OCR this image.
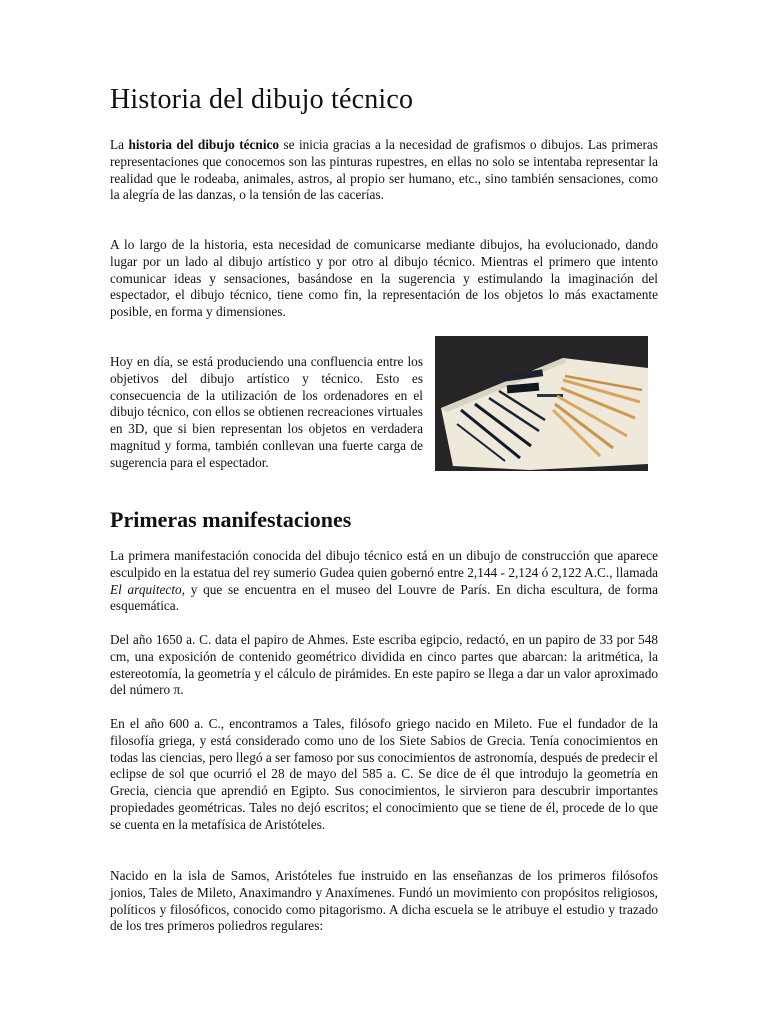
Historia del dibujo técnico

La historia del dibujo técnico se inicia gracias a la necesidad de grafismos o dibujos. Las primeras representaciones que conocemos son las pinturas rupestres, en ellas no solo se intentaba representar la realidad que le rodeaba, animales, astros, al propio ser humano, etc., sino también sensaciones, como la alegría de las danzas, o la tensión de las cacerías.

A lo largo de la historia, esta necesidad de comunicarse mediante dibujos, ha evolucionado, dando lugar por un lado al dibujo artístico y por otro al dibujo técnico. Mientras el primero que intento comunicar ideas y sensaciones, basándose en la sugerencia y estimulando la imaginación del espectador, el dibujo técnico, tiene como fin, la representación de los objetos lo más exactamente posible, en forma y dimensiones.

Hoy en día, se está produciendo una confluencia entre los objetivos del dibujo artístico y técnico. Esto es consecuencia de la utilización de los ordenadores en el dibujo técnico, con ellos se obtienen recreaciones virtuales en 3D, que si bien representan los objetos en verdadera magnitud y forma, también conllevan una fuerte carga de sugerencia para el espectador.

Primeras manifestaciones

La primera manifestación conocida del dibujo técnico está en un dibujo de construcción que aparece esculpido en la estatua del rey sumerio Gudea quien gobernó entre 2,144 - 2,124 ó 2,122 A.C., llamada El arquitecto, y que se encuentra en el museo del Louvre de París. En dicha escultura, de forma esquemática.

Del año 1650 a. C. data el papiro de Ahmes. Este escriba egipcio, redactó, en un papiro de 33 por 548 cm, una exposición de contenido geométrico dividida en cinco partes que abarcan: la aritmética, la estereotomía, la geometría y el cálculo de pirámides. En este papiro se llega a dar un valor aproximado del número π.

En el año 600 a. C., encontramos a Tales, filósofo griego nacido en Mileto. Fue el fundador de la filosofía griega, y está considerado como uno de los Siete Sabios de Grecia. Tenía conocimientos en todas las ciencias, pero llegó a ser famoso por sus conocimientos de astronomía, después de predecir el eclipse de sol que ocurrió el 28 de mayo del 585 a. C. Se dice de él que introdujo la geometría en Grecia, ciencia que aprendió en Egipto. Sus conocimientos, le sirvieron para descubrir importantes propiedades geométricas. Tales no dejó escritos; el conocimiento que se tiene de él, procede de lo que se cuenta en la metafísica de Aristóteles.

Nacido en la isla de Samos, Aristóteles fue instruido en las enseñanzas de los primeros filósofos jonios, Tales de Mileto, Anaximandro y Anaxímenes. Fundó un movimiento con propósitos religiosos, políticos y filosóficos, conocido como pitagorismo. A dicha escuela se le atribuye el estudio y trazado de los tres primeros poliedros regulares:
